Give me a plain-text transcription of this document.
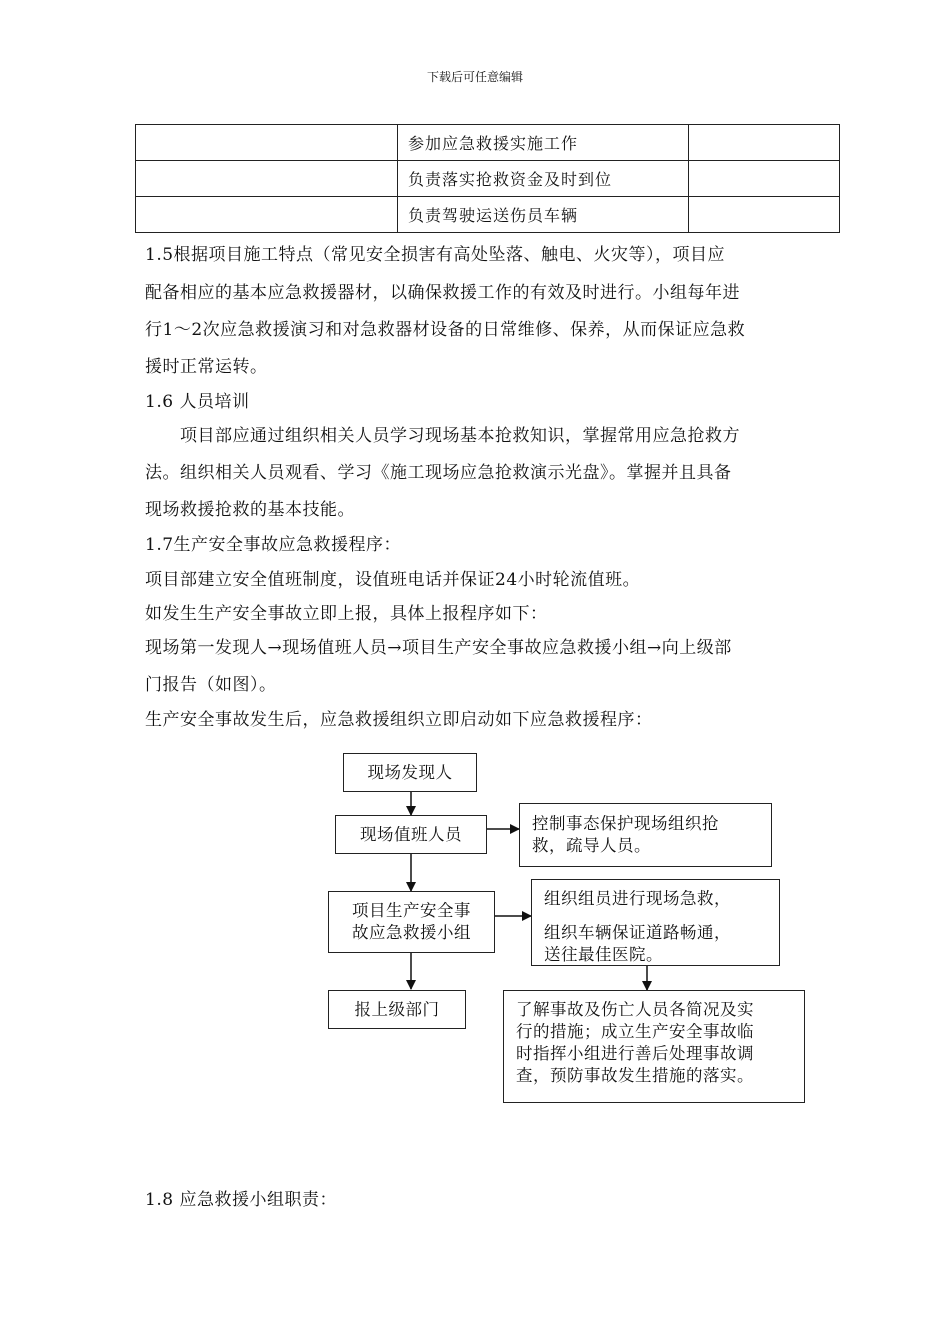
下载后可任意编辑
	参加应急救援实施工作	
	负责落实抢救资金及时到位	
	负责驾驶运送伤员车辆	
1.5根据项目施工特点（常见安全损害有高处坠落、触电、火灾等），项目应
配备相应的基本应急救援器材，以确保救援工作的有效及时进行。小组每年进
行1～2次应急救援演习和对急救器材设备的日常维修、保养，从而保证应急救
援时正常运转。
1.6 人员培训
　　项目部应通过组织相关人员学习现场基本抢救知识，掌握常用应急抢救方
法。组织相关人员观看、学习《施工现场应急抢救演示光盘》。掌握并且具备
现场救援抢救的基本技能。
1.7生产安全事故应急救援程序：
项目部建立安全值班制度，设值班电话并保证24小时轮流值班。
如发生生产安全事故立即上报，具体上报程序如下：
现场第一发现人→现场值班人员→项目生产安全事故应急救援小组→向上级部
门报告（如图）。
生产安全事故发生后，应急救援组织立即启动如下应急救援程序：
现场发现人
现场值班人员
项目生产安全事
故应急救援小组
报上级部门
控制事态保护现场组织抢
救，疏导人员。
组织组员进行现场急救，
组织车辆保证道路畅通，
送往最佳医院。
了解事故及伤亡人员各简况及实
行的措施；成立生产安全事故临
时指挥小组进行善后处理事故调
查，预防事故发生措施的落实。
1.8 应急救援小组职责：
